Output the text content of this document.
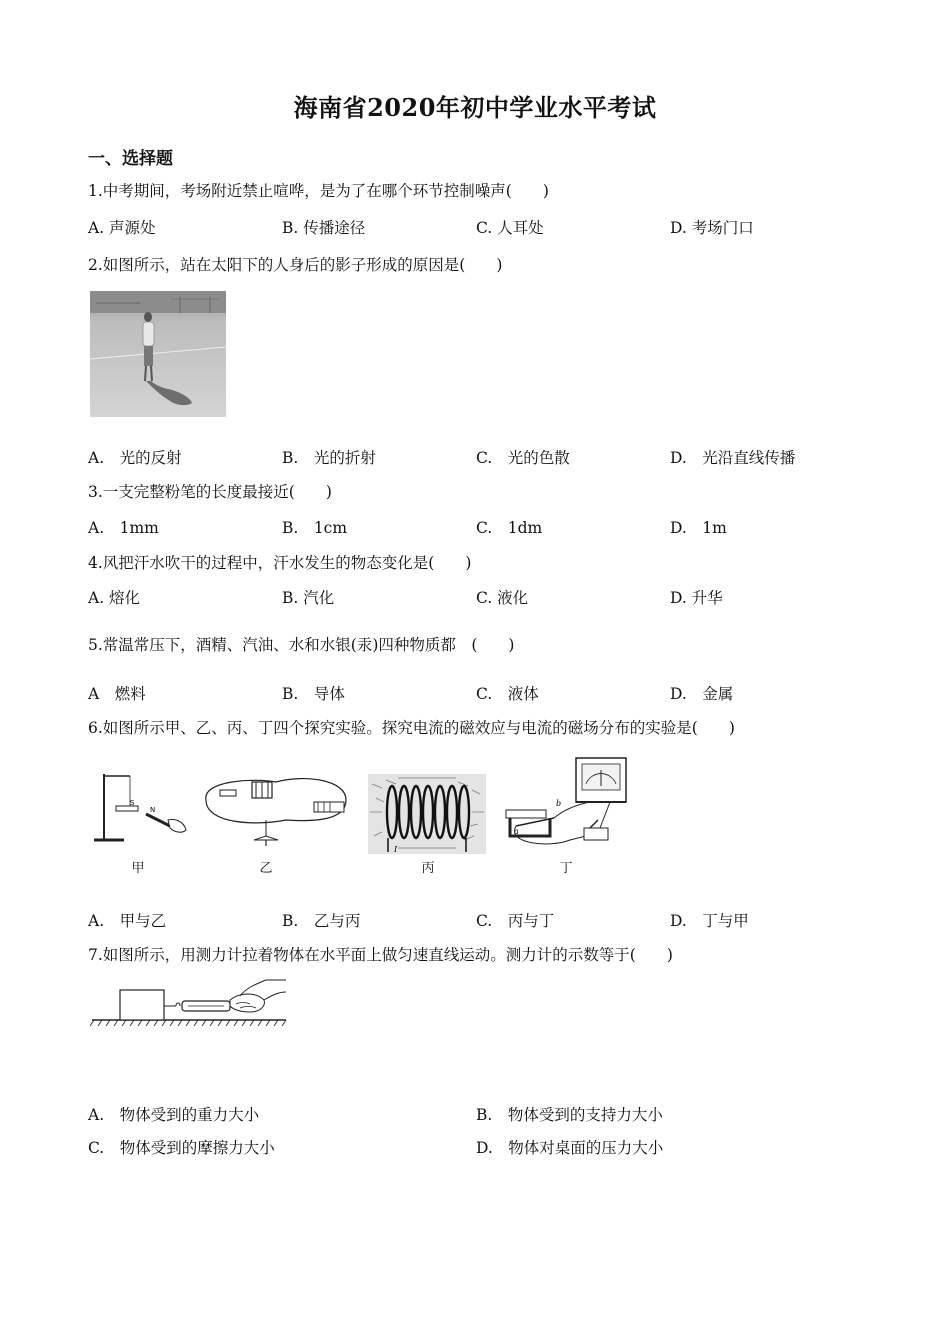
海南省2020年初中学业水平考试
一、选择题
1.中考期间，考场附近禁止喧哗，是为了在哪个环节控制噪声(　　)
A. 声源处	B. 传播途径	C. 人耳处	D. 考场门口
2.如图所示，站在太阳下的人身后的影子形成的原因是(　　)
A.　光的反射	B.　光的折射	C.　光的色散	D.　光沿直线传播
3.一支完整粉笔的长度最接近(　　)
A.　1mm	B.　1cm	C.　1dm	D.　1m
4.风把汗水吹干的过程中，汗水发生的物态变化是(　　)
A. 熔化	B. 汽化	C. 液化	D. 升华
5.常温常压下，酒精、汽油、水和水银(汞)四种物质都　(　　)
A　燃料	B.　导体	C.　液体	D.　金属
6.如图所示甲、乙、丙、丁四个探究实验。探究电流的磁效应与电流的磁场分布的实验是(　　)
S
N
甲	乙
I
丙
a
b
丁
A.　甲与乙	B.　乙与丙	C.　丙与丁	D.　丁与甲
7.如图所示，用测力计拉着物体在水平面上做匀速直线运动。测力计的示数等于(　　)
A.　物体受到的重力大小	B.　物体受到的支持力大小
C.　物体受到的摩擦力大小	D.　物体对桌面的压力大小
